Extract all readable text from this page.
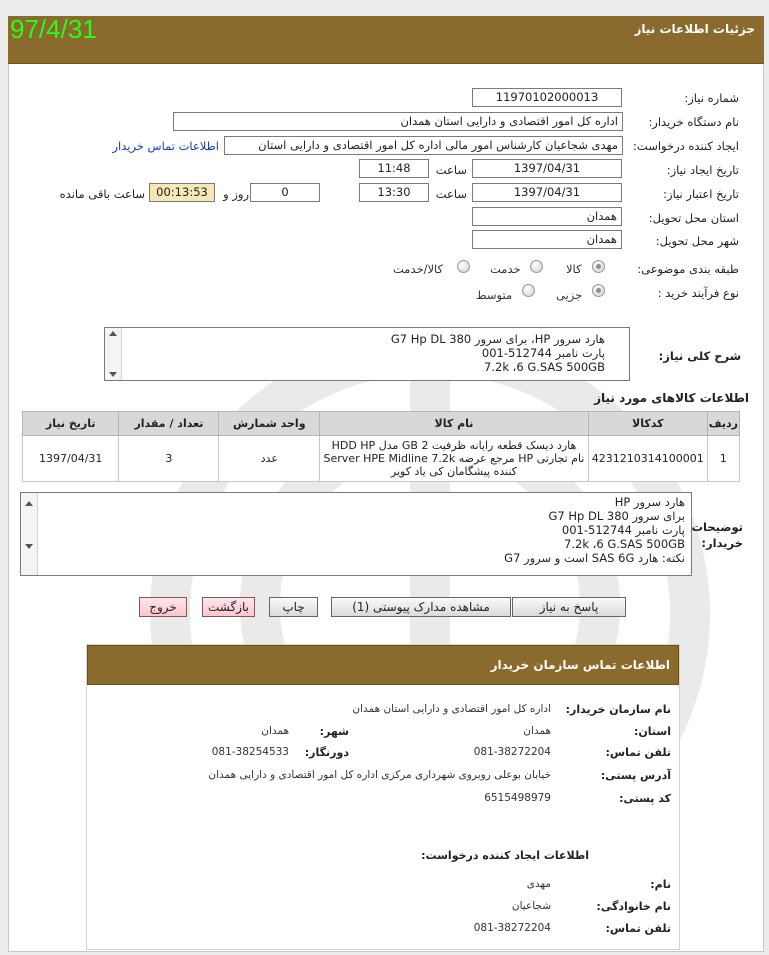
جزئیات اطلاعات نیاز
97/4/31
شماره نیاز:
1197010200001З
نام دستگاه خریدار:
اداره کل امور اقتصادی و دارایی استان همدان
ایجاد کننده درخواست:
مهدی شجاعیان کارشناس امور مالی اداره کل امور اقتصادی و دارایی استان
اطلاعات تماس خریدار
تاریخ ایجاد نیاز:
1397/04/31
ساعت
11:48
تاریخ اعتبار نیاز:
1397/04/31
ساعت
13:30
0
روز و
00:13:53
ساعت باقی مانده
استان محل تحویل:
همدان
شهر محل تحویل:
همدان
طبقه بندی موضوعی:
کالا
خدمت
کالا/خدمت
نوع فرآیند خرید :
جزیی
متوسط
شرح کلی نیاز:
هارد سرور HP، برای سرور 380 G7 Hp DL
پارت نامبر 512744-001
7.2k ،6 G.SAS 500GB
اطلاعات کالاهای مورد نیاز
ردیف	کدکالا	نام کالا	واحد شمارش	تعداد / مقدار	تاریخ نیاز
1	4231210314100001	هارد دیسک قطعه رایانه ظرفیت 2 GB مدل HDD HP
نام تجارتی HP مرجع عرضه Server HPE Midline 7.2k
کننده پیشگامان کی یاد کویر	عدد	3	1397/04/31
توضیحات
خریدار:
هارد سرور HP
برای سرور 380 G7 Hp DL
پارت نامبر 512744-001
7.2k ،6 G.SAS 500GB
نکته: هارد SAS 6G است و سرور G7
پاسخ به نیاز
مشاهده مدارک پیوستی (1)
چاپ
بازگشت
خروج
اطلاعات تماس سازمان خریدار
نام سازمان خریدار:
اداره کل امور اقتصادی و دارایی استان همدان
استان:
همدان
شهر:
همدان
تلفن تماس:
081-38272204
دورنگار:
081-38254533
آدرس پستی:
خیابان بوعلی روبروی شهرداری مرکزی اداره کل امور اقتصادی و دارایی همدان
کد پستی:
6515498979
اطلاعات ایجاد کننده درخواست:
نام:
مهدی
نام خانوادگی:
شجاعیان
تلفن تماس:
081-38272204
